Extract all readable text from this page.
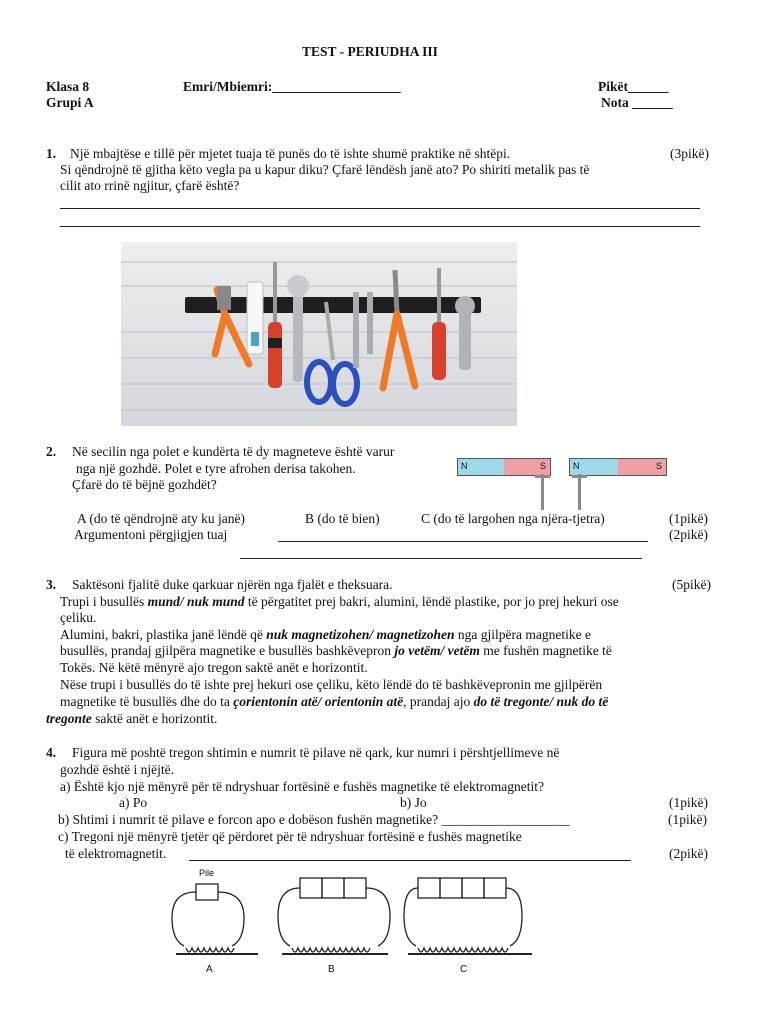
TEST - PERIUDHA III
Klasa 8
Grupi A
Emri/Mbiemri:___________________	Pikët______
Nota ______
1. Një mbajtëse e tillë për mjetet tuaja të punës do të ishte shumë praktike në shtëpi.	(3pikë)
Si qëndrojnë të gjitha këto vegla pa u kapur diku? Çfarë lëndësh janë ato? Po shiriti metalik pas të
cilit ato rrinë ngjitur, çfarë është?
2. Në secilin nga polet e kundërta të dy magneteve është varur
nga një gozhdë. Polet e tyre afrohen derisa takohen.
Çfarë do të bëjnë gozhdët?
N	S	N	S
A (do të qëndrojnë aty ku janë)	B (do të bien)	C (do të largohen nga njëra-tjetra)	(1pikë)
Argumentoni përgjigjen tuaj	(2pikë)
3. Saktësoni fjalitë duke qarkuar njërën nga fjalët e theksuara.	(5pikë)
Trupi i busullës mund/ nuk mund të përgatitet prej bakri, alumini, lëndë plastike, por jo prej hekuri ose
çeliku.
Alumini, bakri, plastika janë lëndë që nuk magnetizohen/ magnetizohen nga gjilpëra magnetike e
busullës, prandaj gjilpëra magnetike e busullës bashkëvepron jo vetëm/ vetëm me fushën magnetike të
Tokës. Në këtë mënyrë ajo tregon saktë anët e horizontit.
Nëse trupi i busullës do të ishte prej hekuri ose çeliku, këto lëndë do të bashkëvepronin me gjilpërën
magnetike të busullës dhe do ta çorientonin atë/ orientonin atë, prandaj ajo do të tregonte/ nuk do të
tregonte saktë anët e horizontit.
4. Figura më poshtë tregon shtimin e numrit të pilave në qark, kur numri i përshtjellimeve në
gozhdë është i njëjtë.
a) Është kjo një mënyrë për të ndryshuar fortësinë e fushës magnetike të elektromagnetit?
a) Po	b) Jo	(1pikë)
b) Shtimi i numrit të pilave e forcon apo e dobëson fushën magnetike? ___________________	(1pikë)
c) Tregoni një mënyrë tjetër që përdoret për të ndryshuar fortësinë e fushës magnetike
të elektromagnetit.	(2pikë)
Pile
A	B	C
